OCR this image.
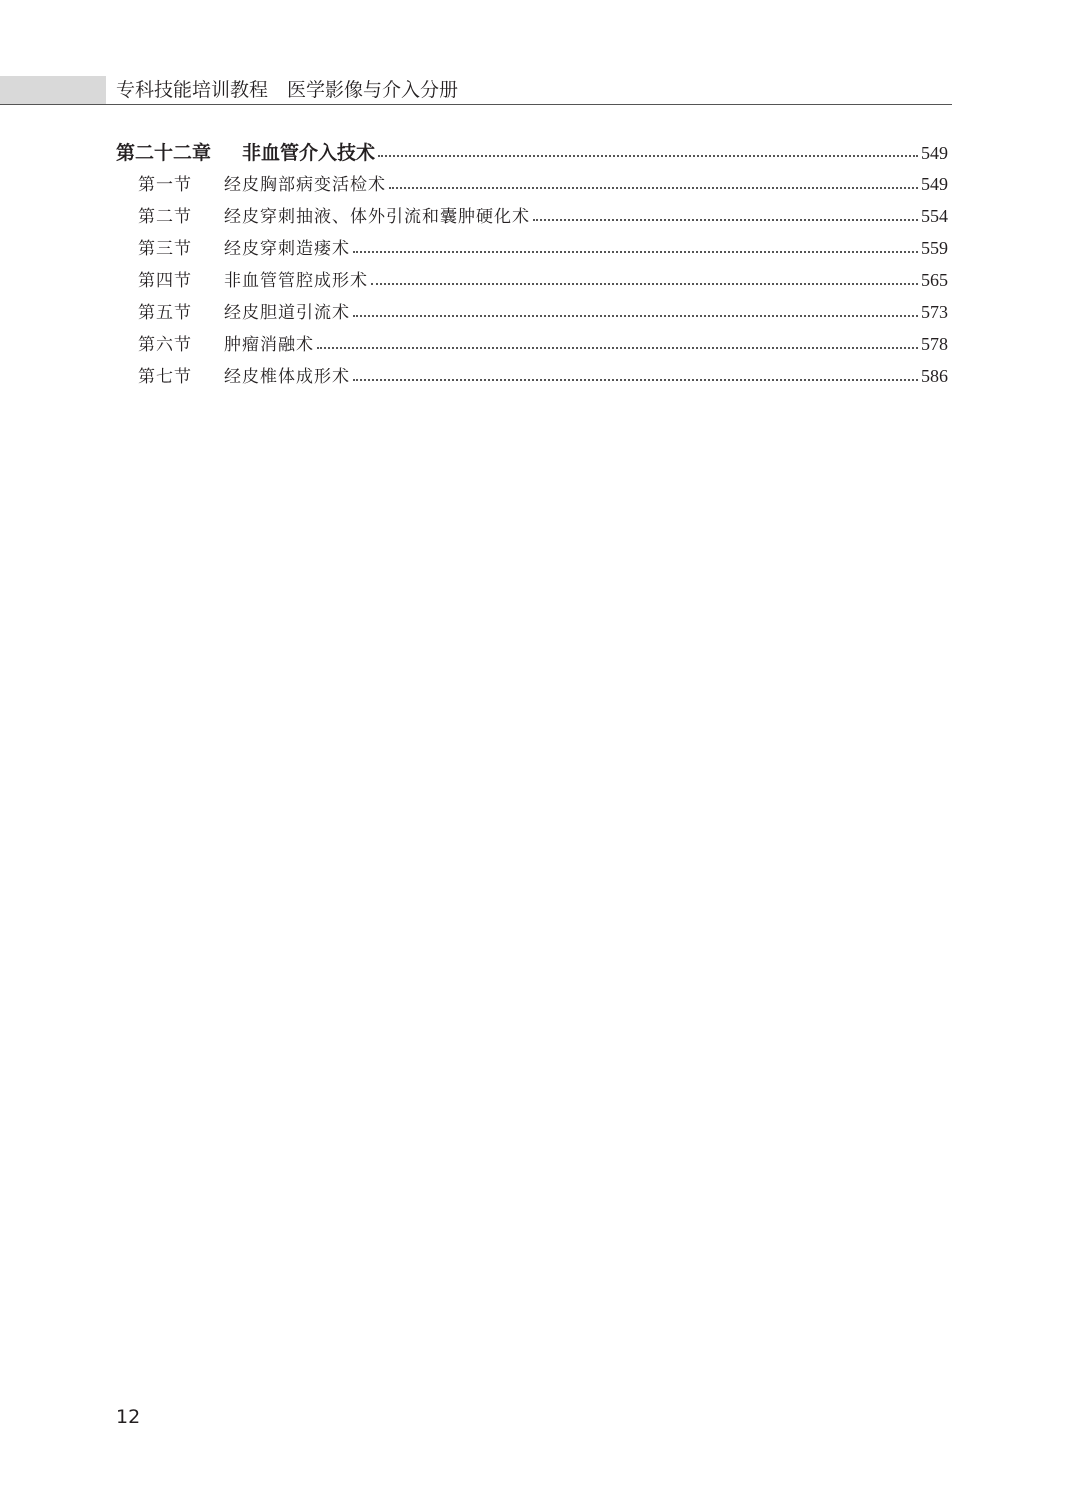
专科技能培训教程　医学影像与介入分册
第二十二章	非血管介入技术	549
第一节	经皮胸部病变活检术	549
第二节	经皮穿刺抽液、体外引流和囊肿硬化术	554
第三节	经皮穿刺造瘘术	559
第四节	非血管管腔成形术	565
第五节	经皮胆道引流术	573
第六节	肿瘤消融术	578
第七节	经皮椎体成形术	586
12
